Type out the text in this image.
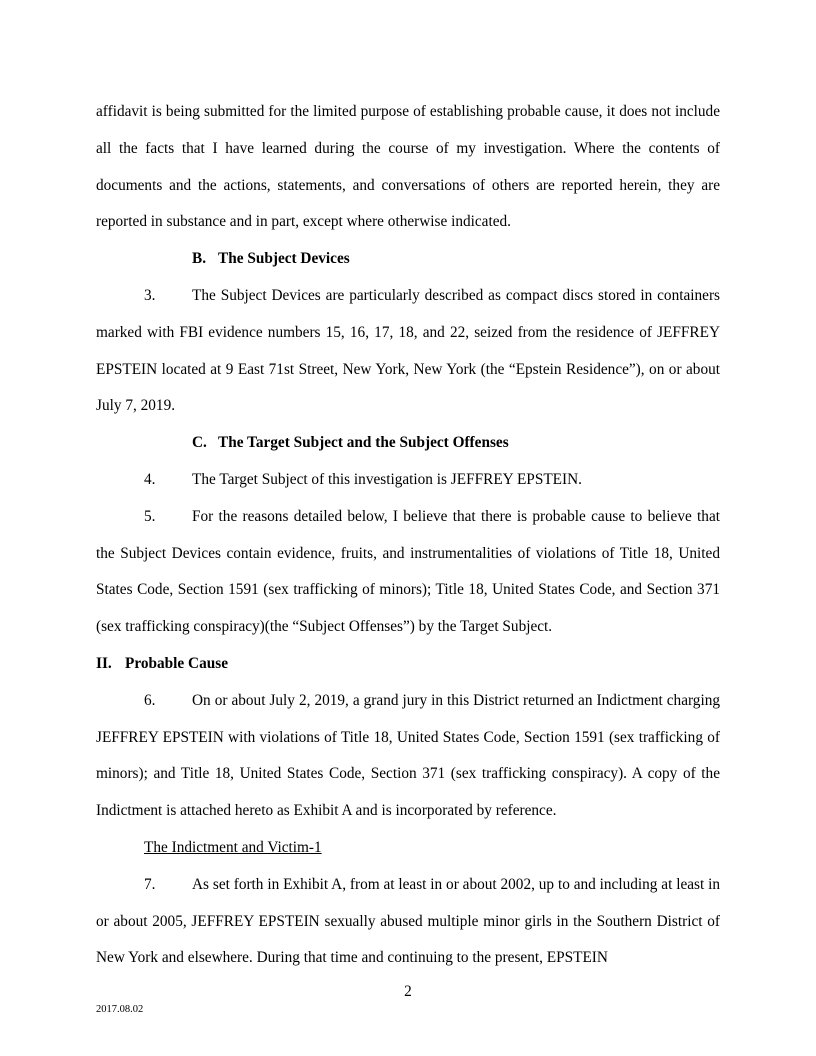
affidavit is being submitted for the limited purpose of establishing probable cause, it does not include all the facts that I have learned during the course of my investigation. Where the contents of documents and the actions, statements, and conversations of others are reported herein, they are reported in substance and in part, except where otherwise indicated.

B. The Subject Devices

3. The Subject Devices are particularly described as compact discs stored in containers marked with FBI evidence numbers 15, 16, 17, 18, and 22, seized from the residence of JEFFREY EPSTEIN located at 9 East 71st Street, New York, New York (the “Epstein Residence”), on or about July 7, 2019.

C. The Target Subject and the Subject Offenses

4. The Target Subject of this investigation is JEFFREY EPSTEIN.

5. For the reasons detailed below, I believe that there is probable cause to believe that the Subject Devices contain evidence, fruits, and instrumentalities of violations of Title 18, United States Code, Section 1591 (sex trafficking of minors); Title 18, United States Code, and Section 371 (sex trafficking conspiracy)(the “Subject Offenses”) by the Target Subject.

II. Probable Cause

6. On or about July 2, 2019, a grand jury in this District returned an Indictment charging JEFFREY EPSTEIN with violations of Title 18, United States Code, Section 1591 (sex trafficking of minors); and Title 18, United States Code, Section 371 (sex trafficking conspiracy). A copy of the Indictment is attached hereto as Exhibit A and is incorporated by reference.

The Indictment and Victim-1

7. As set forth in Exhibit A, from at least in or about 2002, up to and including at least in or about 2005, JEFFREY EPSTEIN sexually abused multiple minor girls in the Southern District of New York and elsewhere. During that time and continuing to the present, EPSTEIN

2
2017.08.02
